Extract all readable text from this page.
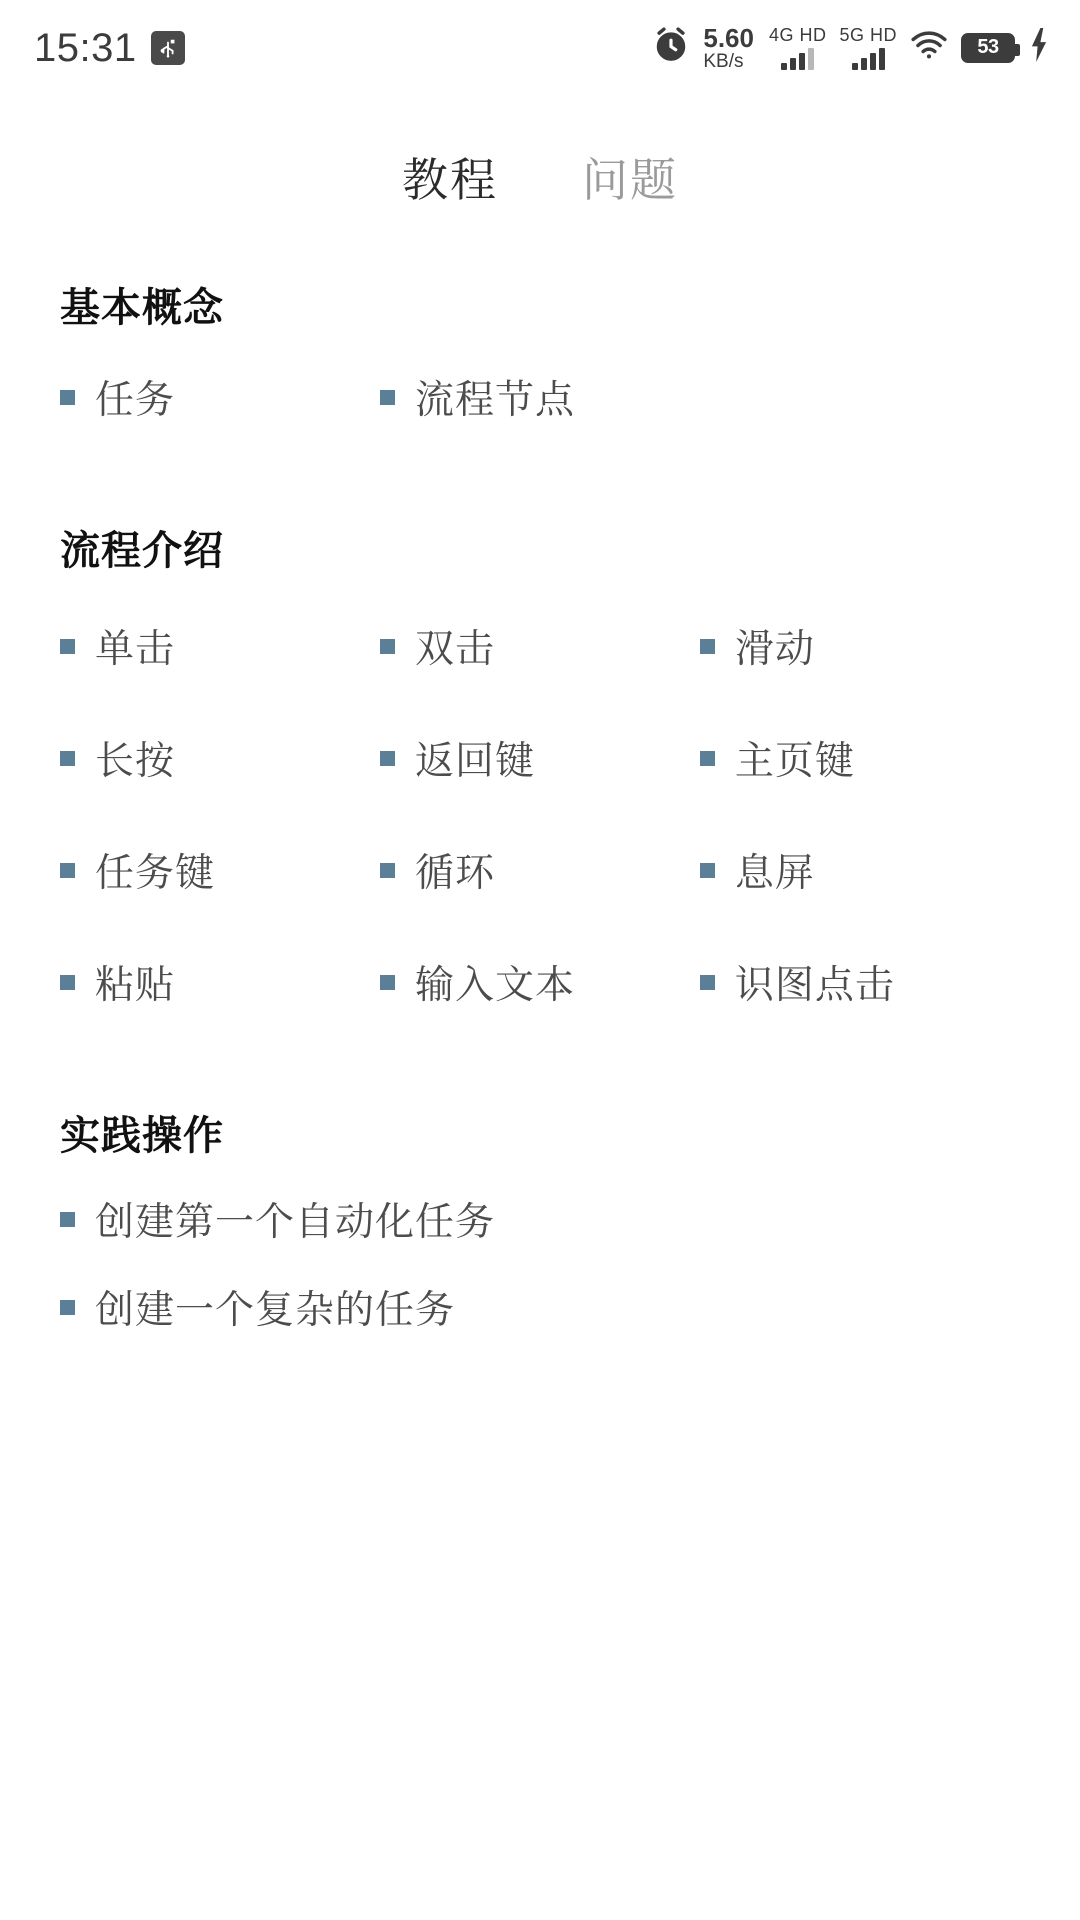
15:31	5.60
KB/s
4G HD 5G HD
53
教程 问题
基本概念
任务	流程节点
流程介绍
单击	双击	滑动
长按	返回键	主页键
任务键	循环	息屏
粘贴	输入文本	识图点击
实践操作
创建第一个自动化任务
创建一个复杂的任务
